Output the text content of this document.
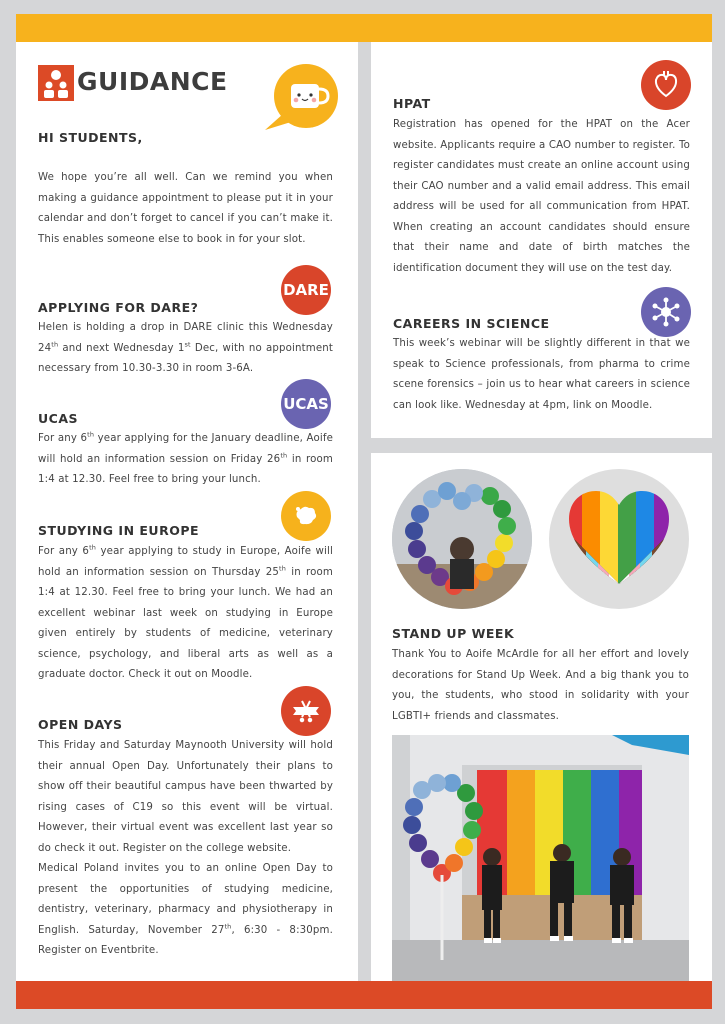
GUIDANCE
HI STUDENTS,
We hope you’re all well. Can we remind you when making a guidance appointment to please put it in your calendar and don’t forget to cancel if you can’t make it. This enables someone else to book in for your slot.
DARE
APPLYING FOR DARE?
Helen is holding a drop in DARE clinic this Wednesday 24th and next Wednesday 1st Dec, with no appointment necessary from 10.30-3.30 in room 3-6A.
UCAS
UCAS
For any 6th year applying for the January deadline, Aoife will hold an information session on Friday 26th in room 1:4 at 12.30. Feel free to bring your lunch.
STUDYING IN EUROPE
For any 6th year applying to study in Europe, Aoife will hold an information session on Thursday 25th in room 1:4 at 12.30. Feel free to bring your lunch. We had an excellent webinar last week on studying in Europe given entirely by students of medicine, veterinary science, psychology, and liberal arts as well as a graduate doctor. Check it out on Moodle.
OPEN DAYS
This Friday and Saturday Maynooth University will hold their annual Open Day. Unfortunately their plans to show off their beautiful campus have been thwarted by rising cases of C19 so this event will be virtual. However, their virtual event was excellent last year so do check it out. Register on the college website.
Medical Poland invites you to an online Open Day to present the opportunities of studying medicine, dentistry, veterinary, pharmacy and physiotherapy in English. Saturday, November 27th, 6:30 - 8:30pm. Register on Eventbrite.
HPAT
Registration has opened for the HPAT on the Acer website. Applicants require a CAO number to register. To register candidates must create an online account using their CAO number and a valid email address. This email address will be used for all communication from HPAT. When creating an account candidates should ensure that their name and date of birth matches the identification document they will use on the test day.
CAREERS IN SCIENCE
This week’s webinar will be slightly different in that we speak to Science professionals, from pharma to crime scene forensics – join us to hear what careers in science can look like. Wednesday at 4pm, link on Moodle.
STAND UP WEEK
Thank You to Aoife McArdle for all her effort and lovely decorations for Stand Up Week. And a big thank you to you, the students, who stood in solidarity with your LGBTI+ friends and classmates.
